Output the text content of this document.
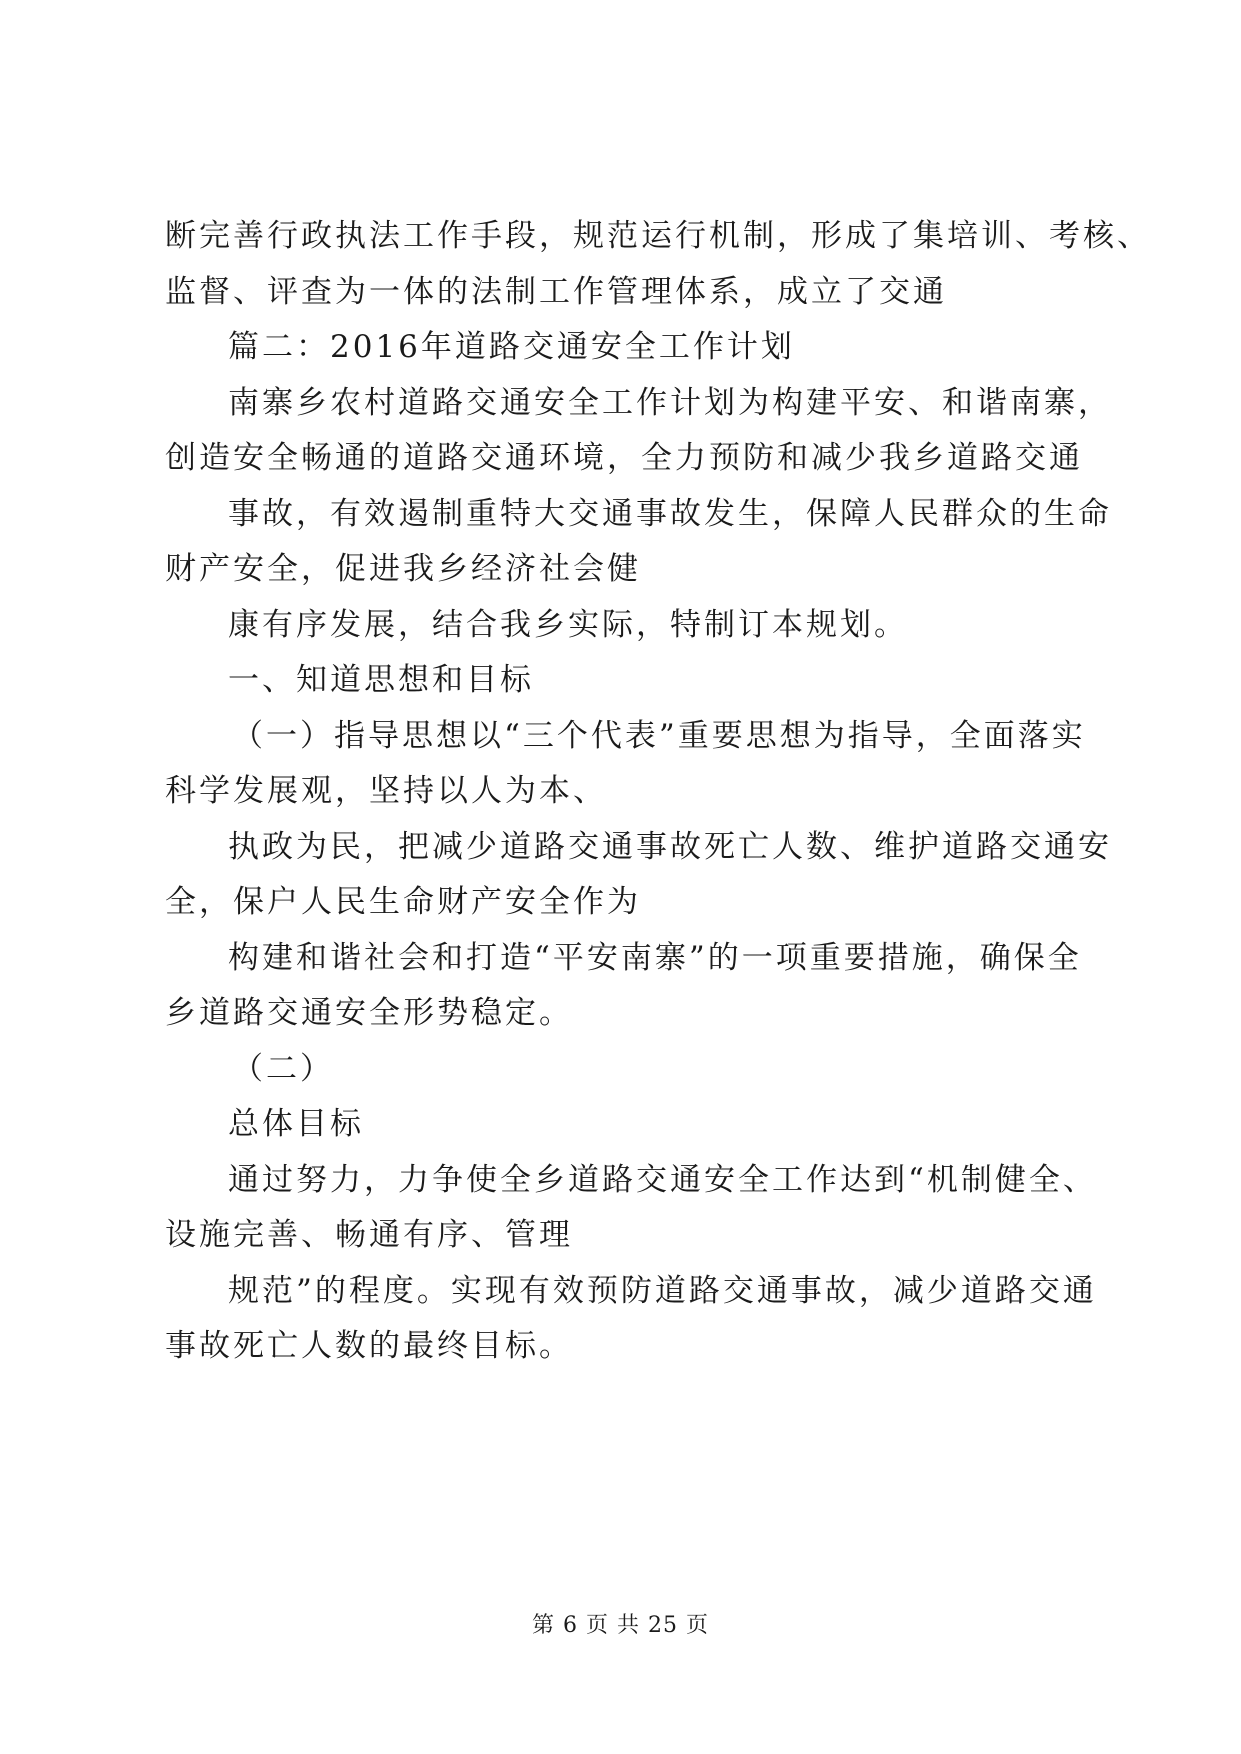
断完善行政执法工作手段，规范运行机制，形成了集培训、考核、
监督、评查为一体的法制工作管理体系，成立了交通
篇二：2016年道路交通安全工作计划
南寨乡农村道路交通安全工作计划为构建平安、和谐南寨，
创造安全畅通的道路交通环境，全力预防和减少我乡道路交通
事故，有效遏制重特大交通事故发生，保障人民群众的生命
财产安全，促进我乡经济社会健
康有序发展，结合我乡实际，特制订本规划。
一、知道思想和目标
（一）指导思想以“三个代表”重要思想为指导，全面落实
科学发展观，坚持以人为本、
执政为民，把减少道路交通事故死亡人数、维护道路交通安
全，保户人民生命财产安全作为
构建和谐社会和打造“平安南寨”的一项重要措施，确保全
乡道路交通安全形势稳定。
（二）
总体目标
通过努力，力争使全乡道路交通安全工作达到“机制健全、
设施完善、畅通有序、管理
规范”的程度。实现有效预防道路交通事故，减少道路交通
事故死亡人数的最终目标。
第 6 页 共 25 页
